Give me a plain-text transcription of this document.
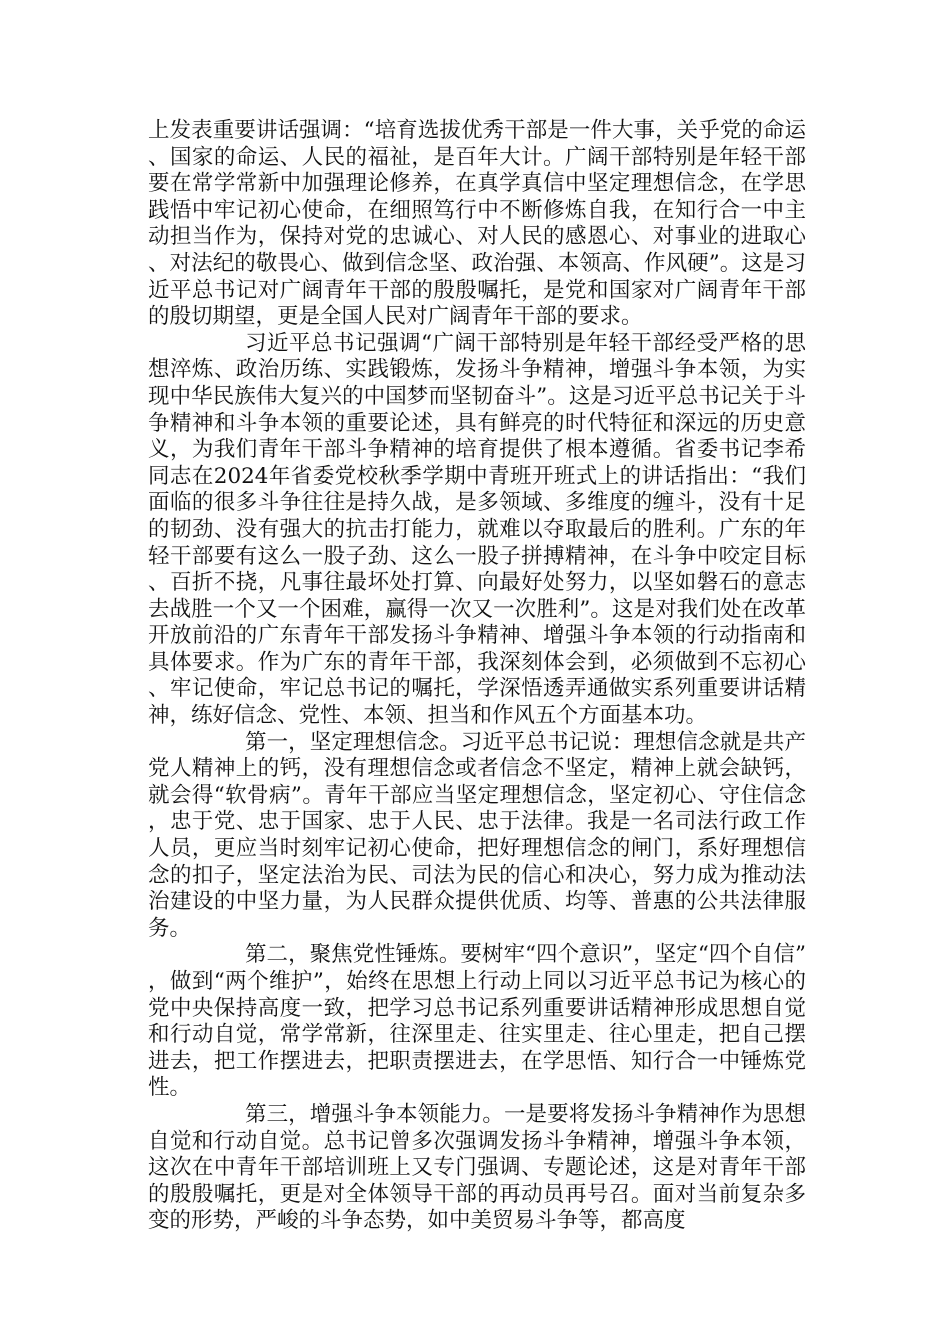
上发表重要讲话强调：“培育选拔优秀干部是一件大事，关乎党的命运、国家的命运、人民的福祉，是百年大计。广阔干部特别是年轻干部要在常学常新中加强理论修养，在真学真信中坚定理想信念，在学思践悟中牢记初心使命，在细照笃行中不断修炼自我，在知行合一中主动担当作为，保持对党的忠诚心、对人民的感恩心、对事业的进取心、对法纪的敬畏心、做到信念坚、政治强、本领高、作风硬”。这是习近平总书记对广阔青年干部的殷殷嘱托，是党和国家对广阔青年干部的殷切期望，更是全国人民对广阔青年干部的要求。

习近平总书记强调“广阔干部特别是年轻干部经受严格的思想淬炼、政治历练、实践锻炼，发扬斗争精神，增强斗争本领，为实现中华民族伟大复兴的中国梦而坚韧奋斗”。这是习近平总书记关于斗争精神和斗争本领的重要论述，具有鲜亮的时代特征和深远的历史意义，为我们青年干部斗争精神的培育提供了根本遵循。省委书记李希同志在2024年省委党校秋季学期中青班开班式上的讲话指出：“我们面临的很多斗争往往是持久战，是多领域、多维度的缠斗，没有十足的韧劲、没有强大的抗击打能力，就难以夺取最后的胜利。广东的年轻干部要有这么一股子劲、这么一股子拼搏精神，在斗争中咬定目标、百折不挠，凡事往最坏处打算、向最好处努力，以坚如磐石的意志去战胜一个又一个困难，赢得一次又一次胜利”。这是对我们处在改革开放前沿的广东青年干部发扬斗争精神、增强斗争本领的行动指南和具体要求。作为广东的青年干部，我深刻体会到，必须做到不忘初心、牢记使命，牢记总书记的嘱托，学深悟透弄通做实系列重要讲话精神，练好信念、党性、本领、担当和作风五个方面基本功。

第一，坚定理想信念。习近平总书记说：理想信念就是共产党人精神上的钙，没有理想信念或者信念不坚定，精神上就会缺钙，就会得“软骨病”。青年干部应当坚定理想信念，坚定初心、守住信念，忠于党、忠于国家、忠于人民、忠于法律。我是一名司法行政工作人员，更应当时刻牢记初心使命，把好理想信念的闸门，系好理想信念的扣子，坚定法治为民、司法为民的信心和决心，努力成为推动法治建设的中坚力量，为人民群众提供优质、均等、普惠的公共法律服务。

第二，聚焦党性锤炼。要树牢“四个意识”，坚定“四个自信”，做到“两个维护”，始终在思想上行动上同以习近平总书记为核心的党中央保持高度一致，把学习总书记系列重要讲话精神形成思想自觉和行动自觉，常学常新，往深里走、往实里走、往心里走，把自己摆进去，把工作摆进去，把职责摆进去，在学思悟、知行合一中锤炼党性。

第三，增强斗争本领能力。一是要将发扬斗争精神作为思想自觉和行动自觉。总书记曾多次强调发扬斗争精神，增强斗争本领，这次在中青年干部培训班上又专门强调、专题论述，这是对青年干部的殷殷嘱托，更是对全体领导干部的再动员再号召。面对当前复杂多变的形势，严峻的斗争态势，如中美贸易斗争等，都高度
